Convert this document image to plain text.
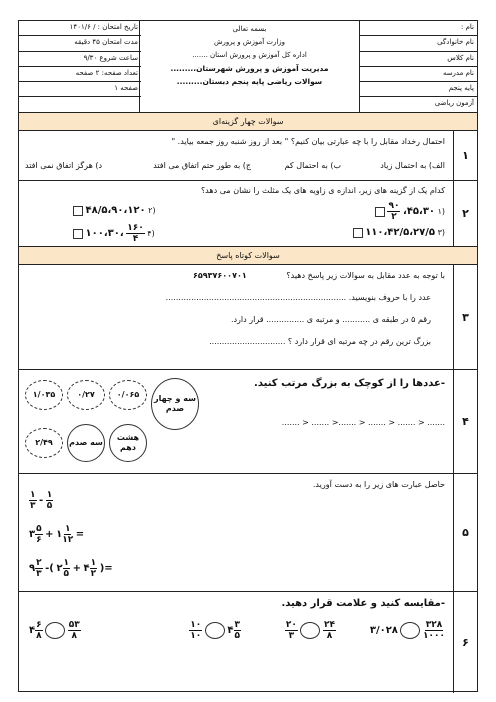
نام :
نام خانوادگی
نام کلاس
نام مدرسه
پایه پنجم
آزمون ریاضی
بسمه تعالی
وزارت آموزش و پرورش
اداره کل آموزش و پرورش استان .......
مدیریت آموزش و پرورش شهرستان.........
سوالات ریاضی پایه پنجم دبستان.........
تاریخ امتحان : / ۱۴۰۱/۶
مدت امتحان ۴۵ دقیقه
ساعت شروع ۹/۳۰
تعداد صفحه: ۲ صفحه
صفحه ۱
سوالات چهار گزینه‌ای
۱
احتمال رخداد مقابل را با چه عبارتی بیان کنیم؟ " بعد از روز شنبه روز جمعه بیاید. "
الف) به احتمال زیاد
ب) به احتمال کم
ج) به طور حتم اتفاق می افتد
د) هرگز اتفاق نمی افتد
۲
کدام یک از گزینه های زیر، اندازه ی زاویه های یک مثلث را نشان می دهد؟
(۱ ۴۵،۳۰،
$\frac{۹۰}{۲}$

(۲ ۴۸/۵،۹۰،۱۲۰
(۳ ۱۱۰،۴۲/۵،۲۷/۵
(۴
$\frac{۱۶۰}{۴}$
،۱۰۰،۳۰
سوالات کوتاه پاسخ
۳
با توجه به عدد مقابل به سوالات زیر پاسخ دهید؟
۶۵۹۳۷۶۰۰۷۰۱
عدد را با حروف بنویسید. .......................................................................
رقم ۵ در طبقه ی ........... و مرتبه ی ............... قرار دارد.
بزرگ ترین رقم در چه مرتبه ای قرار دارد ؟ ..............................
۴
-عددها را از کوچک به بزرگ مرتب کنید.
....... < ....... < ....... < .......< ....... < .......
۱/۰۳۵	۰/۲۷	۰/۰۶۵	سه و چهار صدم
۲/۴۹	سه صدم
هشت دهم
۵
حاصل عبارت های زیر را به دست آورید.
$\frac{۱}{۳} - \frac{۱}{۵}$
۳ $\frac{۵}{۶}$ + ۱ $\frac{۱}{۱۲}$ =
۹ $\frac{۲}{۳}$ -( ۲ $\frac{۱}{۵}$ + ۴ $\frac{۱}{۲}$ )=
۶
-مقایسه کنید و علامت قرار دهید.
۳/۰۲۸	$\frac{۳۲۸}{۱۰۰۰}$
$\frac{۲۰}{۳}$
	$\frac{۲۴}{۸}$
$\frac{۱۰}{۱۰}$	۴ $\frac{۳}{۵}$
۴ $\frac{۶}{۸}$
	$\frac{۵۳}{۸}$
